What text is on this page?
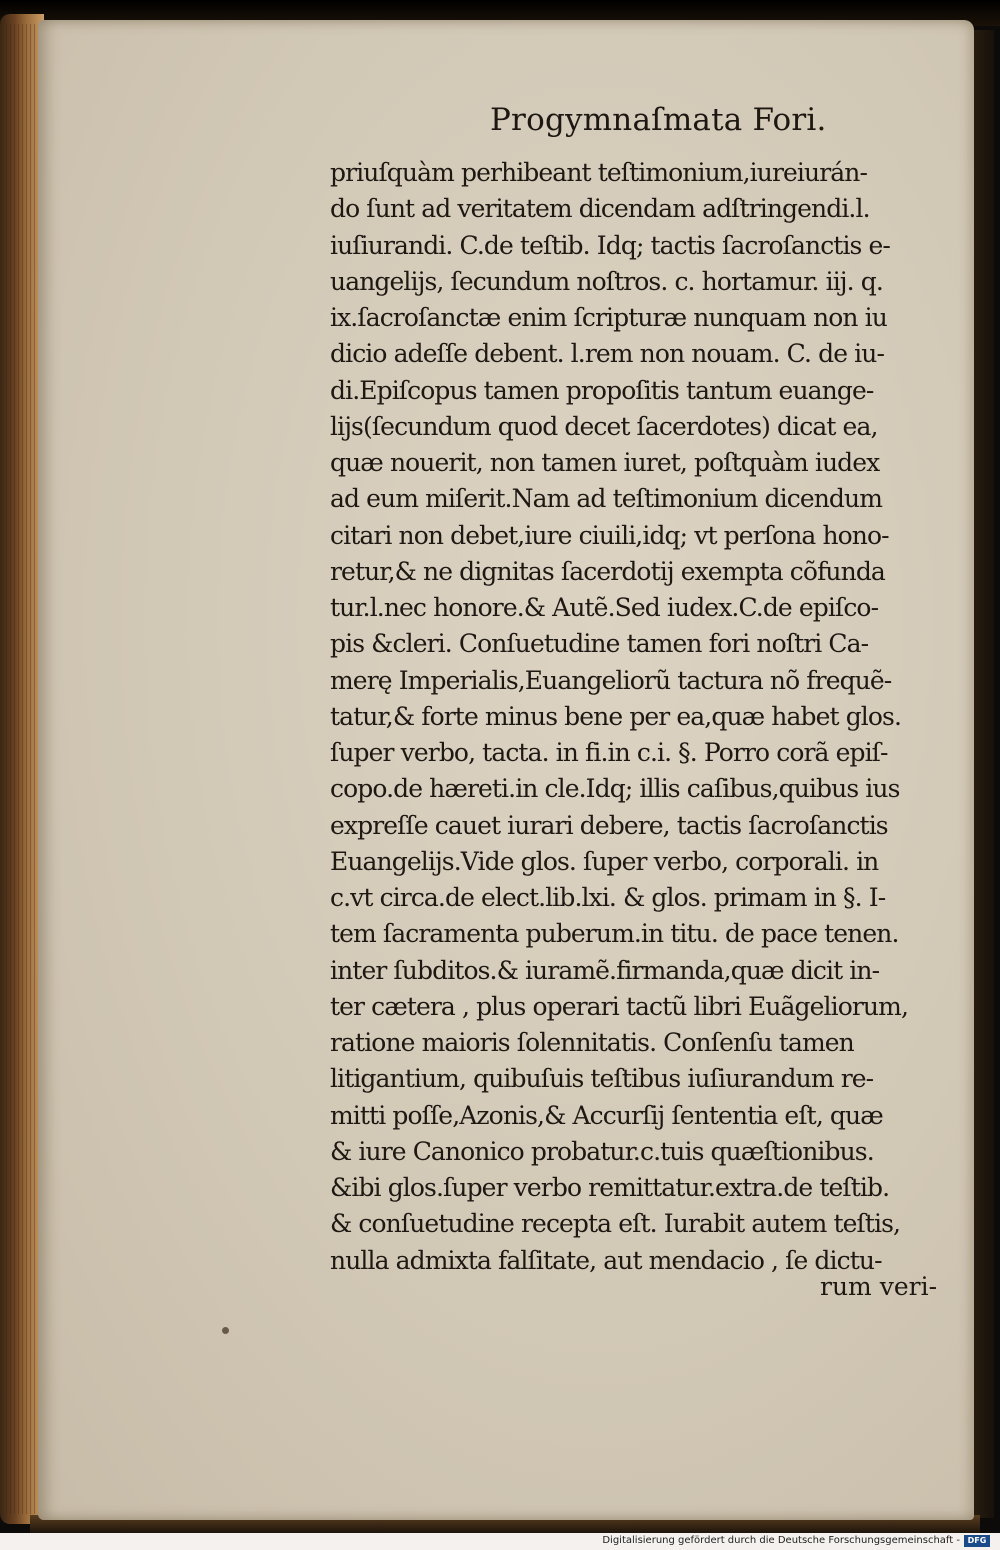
Progymnaſmata Fori.
priuſquàm perhibeant teſtimonium,iureiurán-
do ſunt ad veritatem dicendam adſtringendi.l.
iuſiurandi. C.de teſtib. Idq; tactis ſacroſanctis e-
uangelijs, ſecundum noſtros. c. hortamur. iij. q.
ix.ſacroſanctæ enim ſcripturæ nunquam non iu
dicio adeſſe debent. l.rem non nouam. C. de iu-
di.Epiſcopus tamen propoſitis tantum euange-
lijs(ſecundum quod decet ſacerdotes) dicat ea,
quæ nouerit, non tamen iuret, poſtquàm iudex
ad eum miſerit.Nam ad teſtimonium dicendum
citari non debet,iure ciuili,idq; vt perſona hono-
retur,& ne dignitas ſacerdotij exempta cõfunda
tur.l.nec honore.& Autẽ.Sed iudex.C.de epiſco-
pis &cleri. Conſuetudine tamen fori noſtri Ca-
merę Imperialis,Euangeliorũ tactura nõ frequẽ-
tatur,& forte minus bene per ea,quæ habet glos.
ſuper verbo, tacta. in fi.in c.i. §. Porro corã epiſ-
copo.de hæreti.in cle.Idq; illis caſibus,quibus ius
expreſſe cauet iurari debere, tactis ſacroſanctis
Euangelijs.Vide glos. ſuper verbo, corporali. in
c.vt circa.de elect.lib.lxi. & glos. primam in §. I-
tem ſacramenta puberum.in titu. de pace tenen.
inter ſubditos.& iuramẽ.firmanda,quæ dicit in-
ter cætera , plus operari tactũ libri Euãgeliorum,
ratione maioris ſolennitatis. Conſenſu tamen
litigantium, quibuſuis teſtibus iuſiurandum re-
mitti poſſe,Azonis,& Accurſij ſententia eſt, quæ
& iure Canonico probatur.c.tuis quæſtionibus.
&ibi glos.ſuper verbo remittatur.extra.de teſtib.
& conſuetudine recepta eſt. Iurabit autem teſtis,
nulla admixta falſitate, aut mendacio , ſe dictu-
rum veri-
Digitalisierung gefördert durch die Deutsche Forschungsgemeinschaft - DFG
